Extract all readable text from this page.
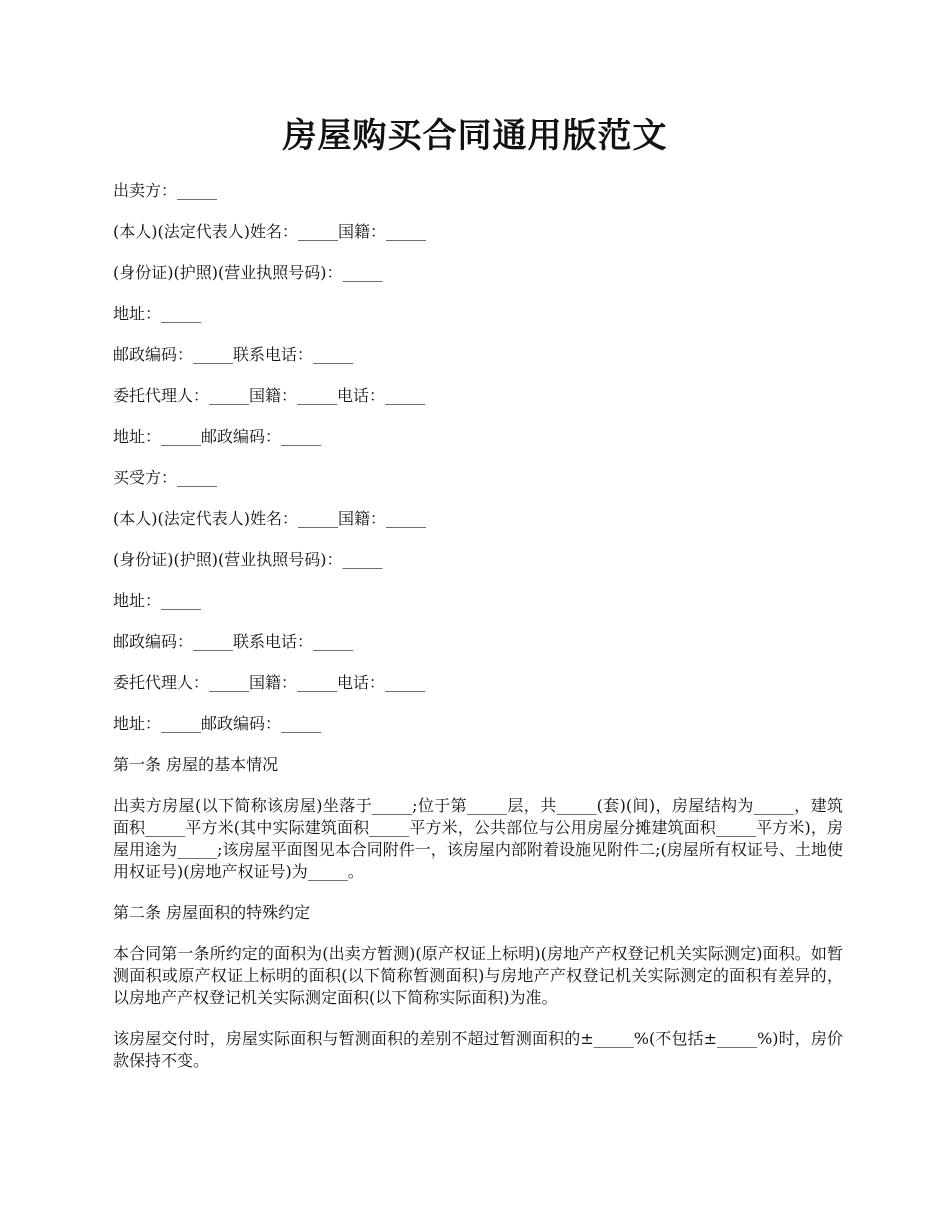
房屋购买合同通用版范文

出卖方：_____

(本人)(法定代表人)姓名：_____国籍：_____

(身份证)(护照)(营业执照号码)：_____

地址：_____

邮政编码：_____联系电话：_____

委托代理人：_____国籍：_____电话：_____

地址：_____邮政编码：_____

买受方：_____

(本人)(法定代表人)姓名：_____国籍：_____

(身份证)(护照)(营业执照号码)：_____

地址：_____

邮政编码：_____联系电话：_____

委托代理人：_____国籍：_____电话：_____

地址：_____邮政编码：_____

第一条 房屋的基本情况

出卖方房屋(以下简称该房屋)坐落于_____;位于第_____层，共_____(套)(间)，房屋结构为_____，建筑面积_____平方米(其中实际建筑面积_____平方米，公共部位与公用房屋分摊建筑面积_____平方米)，房屋用途为_____;该房屋平面图见本合同附件一，该房屋内部附着设施见附件二;(房屋所有权证号、土地使用权证号)(房地产权证号)为_____。

第二条 房屋面积的特殊约定

本合同第一条所约定的面积为(出卖方暂测)(原产权证上标明)(房地产产权登记机关实际测定)面积。如暂测面积或原产权证上标明的面积(以下简称暂测面积)与房地产产权登记机关实际测定的面积有差异的，以房地产产权登记机关实际测定面积(以下简称实际面积)为准。

该房屋交付时，房屋实际面积与暂测面积的差别不超过暂测面积的±_____%(不包括±_____%)时，房价款保持不变。
